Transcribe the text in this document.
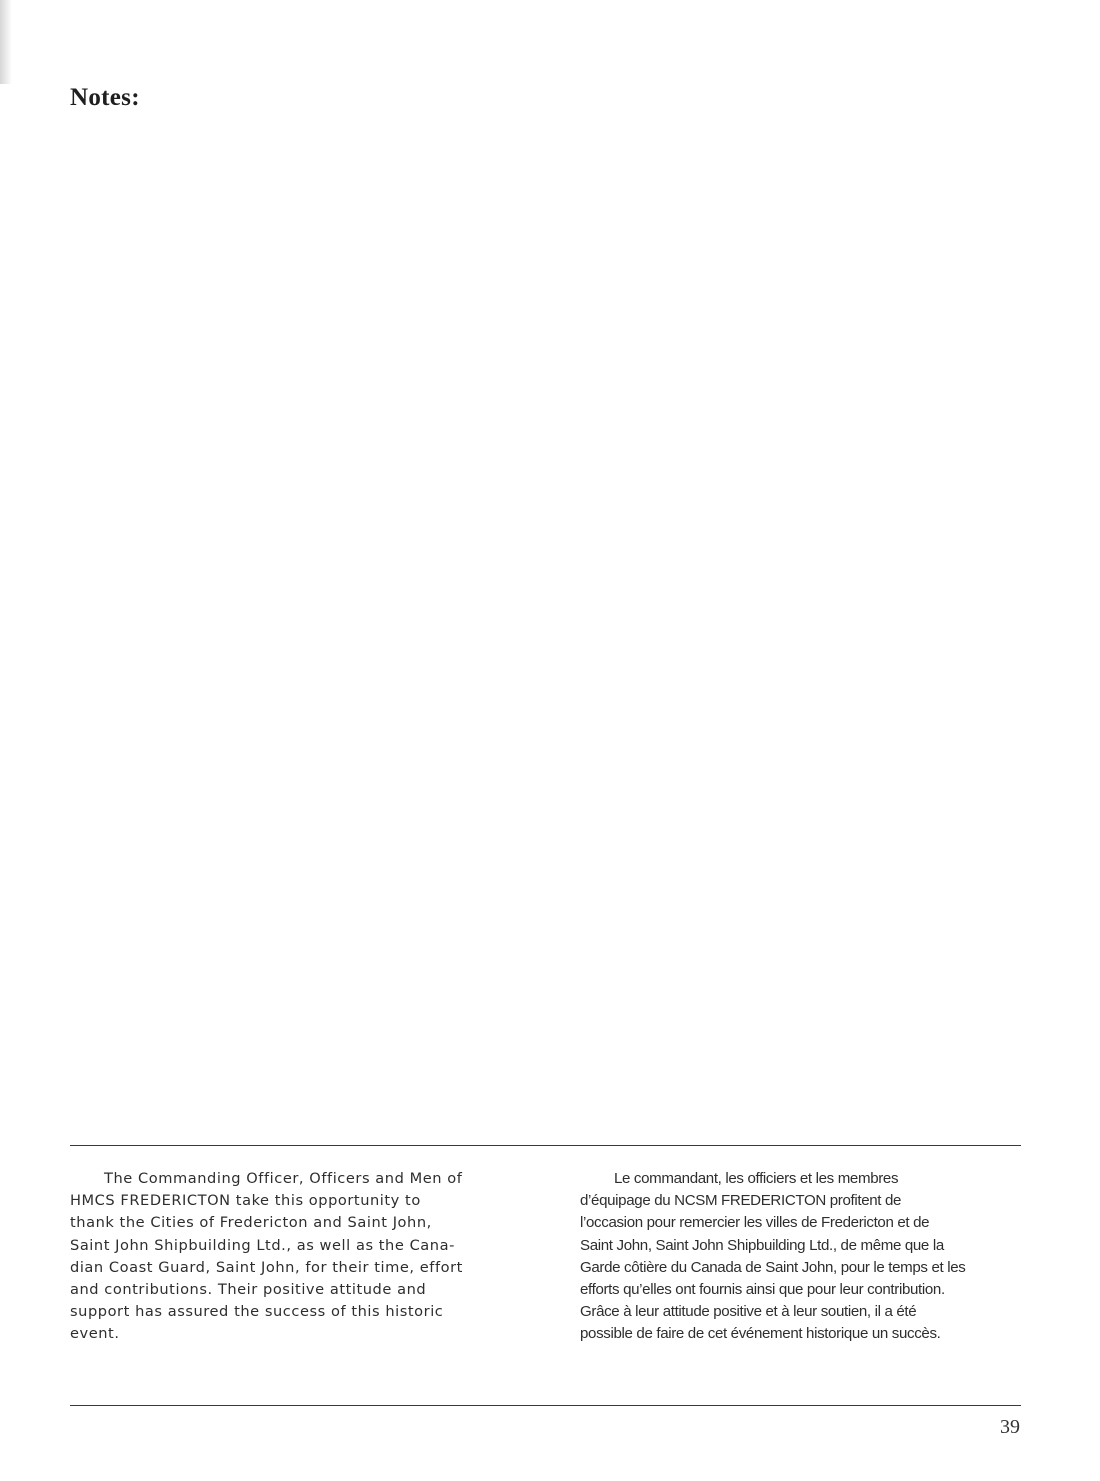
Notes:

The Commanding Officer, Officers and Men of
HMCS FREDERICTON take this opportunity to
thank the Cities of Fredericton and Saint John,
Saint John Shipbuilding Ltd., as well as the Cana-
dian Coast Guard, Saint John, for their time, effort
and contributions. Their positive attitude and
support has assured the success of this historic
event.

Le commandant, les officiers et les membres
d’équipage du NCSM FREDERICTON profitent de
l’occasion pour remercier les villes de Fredericton et de
Saint John, Saint John Shipbuilding Ltd., de même que la
Garde côtière du Canada de Saint John, pour le temps et les
efforts qu’elles ont fournis ainsi que pour leur contribution.
Grâce à leur attitude positive et à leur soutien, il a été
possible de faire de cet événement historique un succès.

39
